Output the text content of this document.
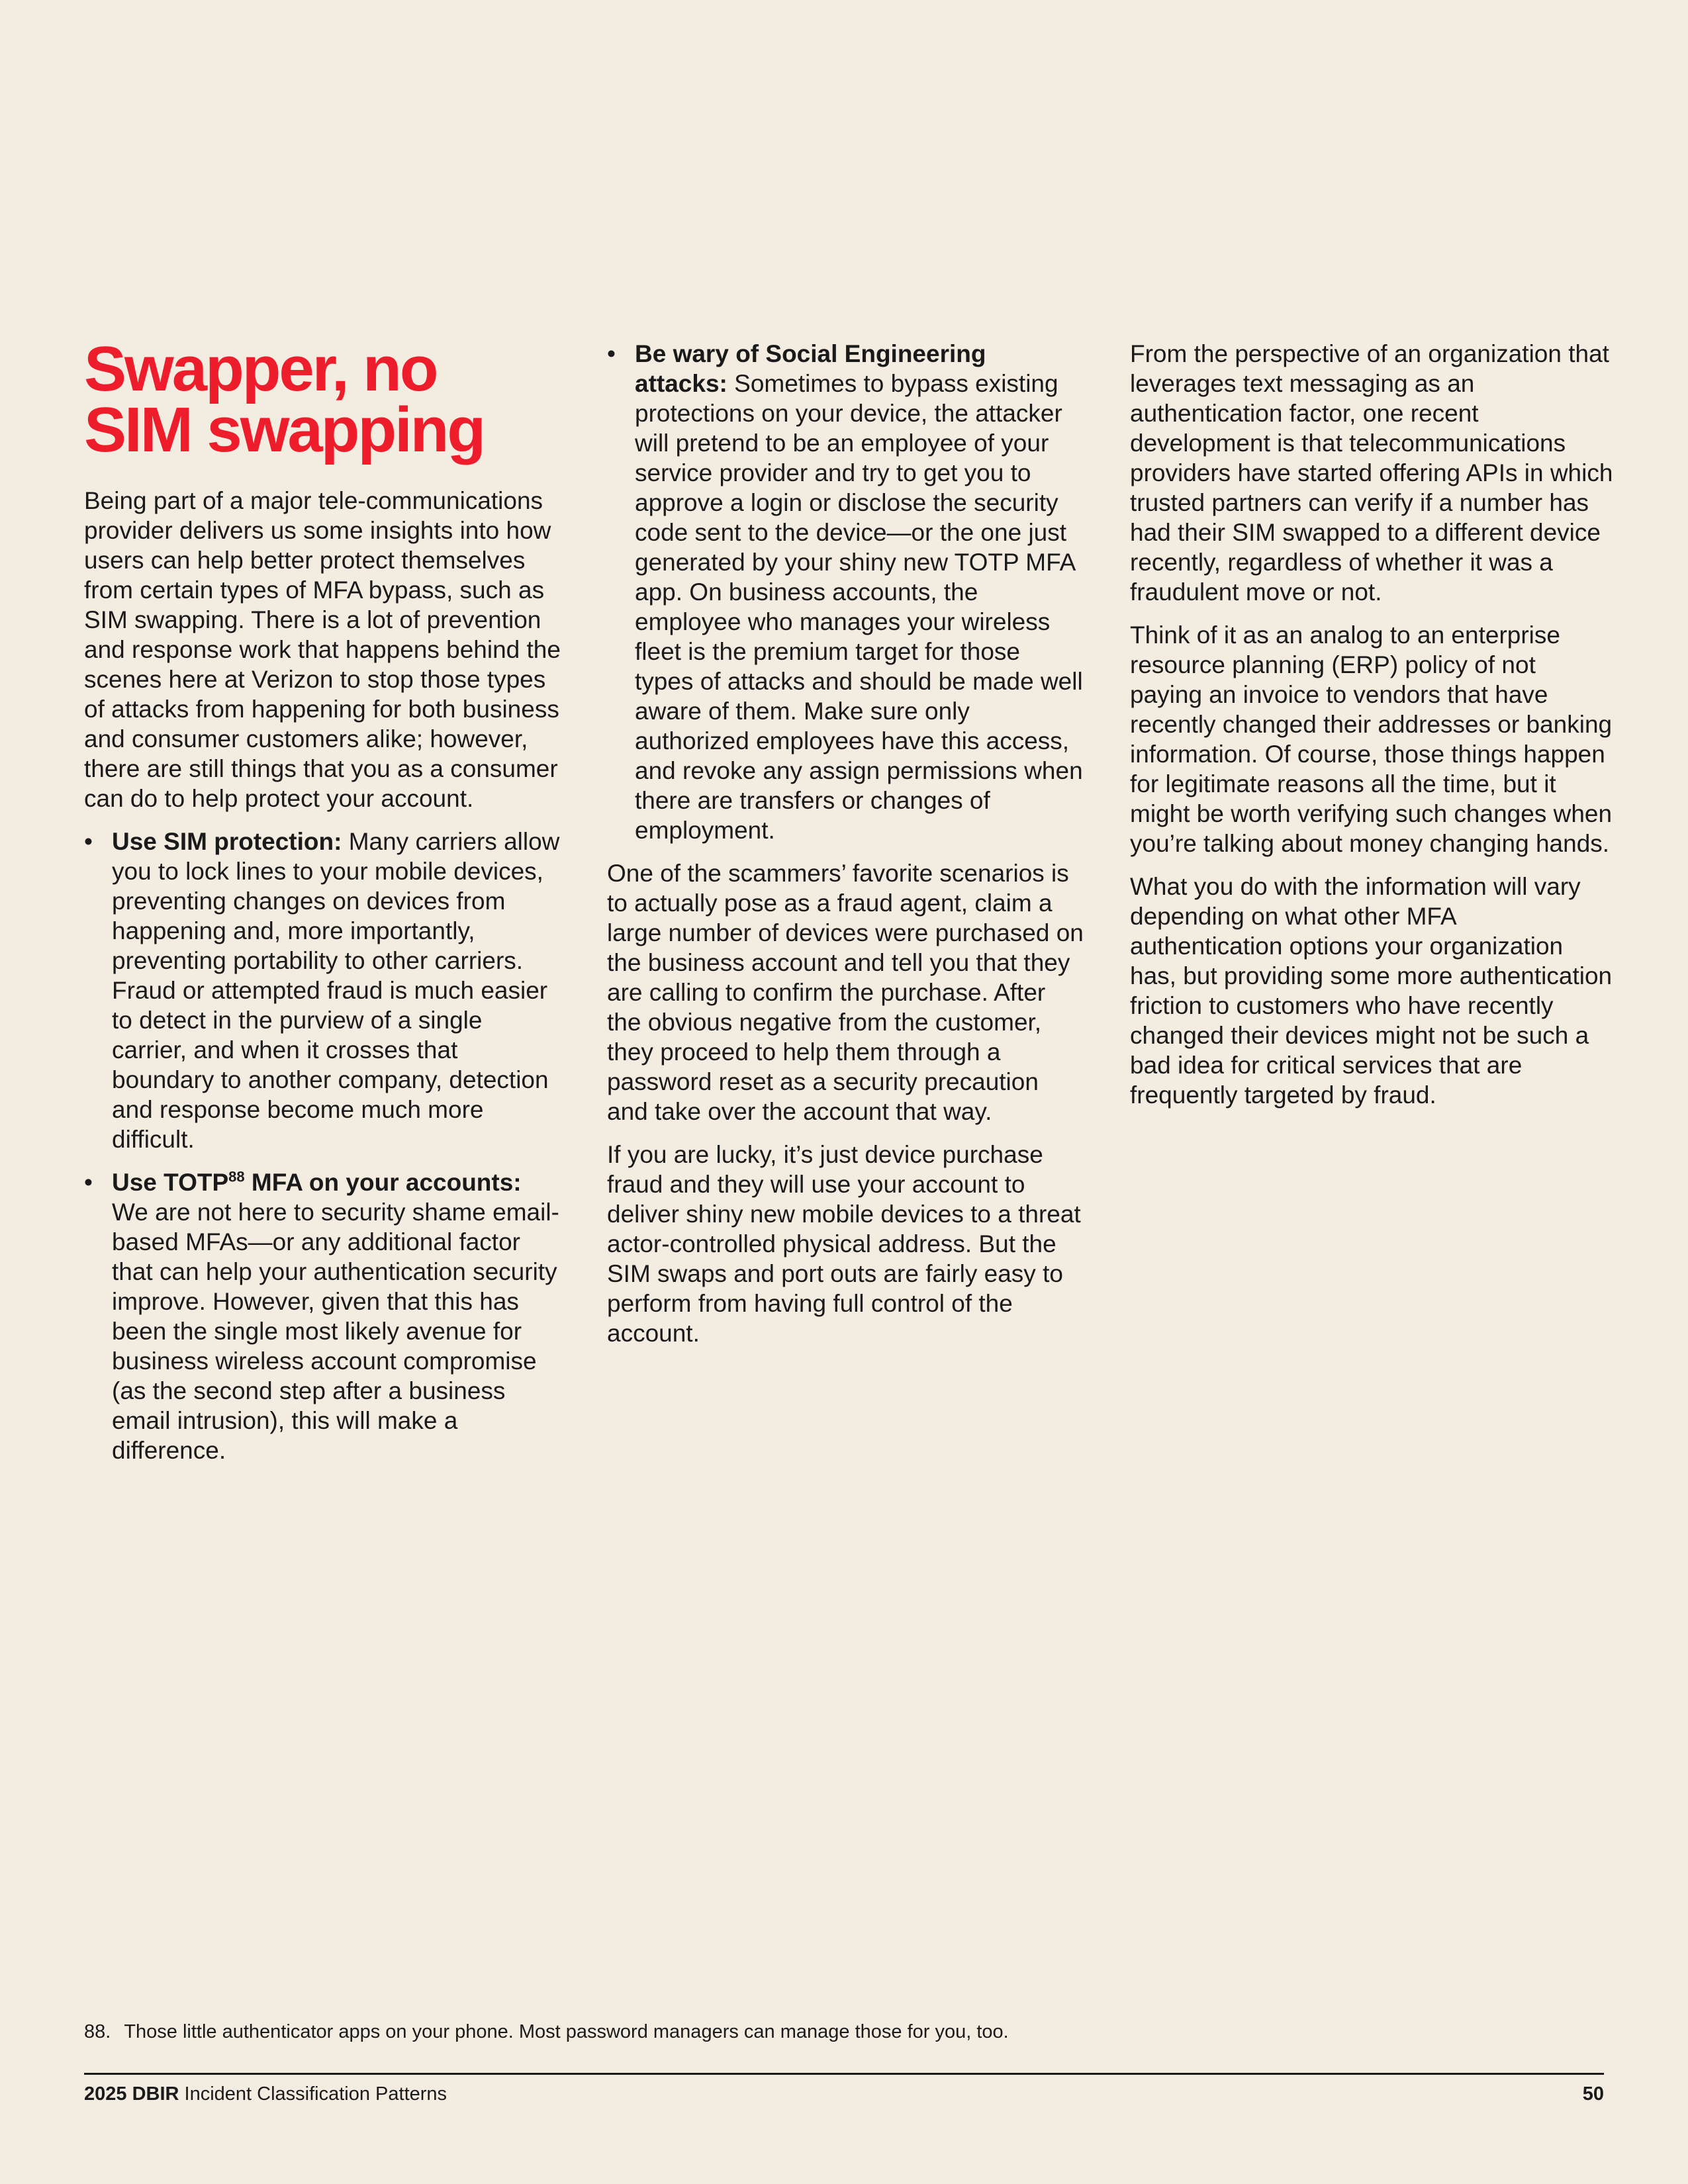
Swapper, no
SIM swapping

Being part of a major tele-communications provider delivers us some insights into how users can help better protect themselves from certain types of MFA bypass, such as SIM swapping. There is a lot of prevention and response work that happens behind the scenes here at Verizon to stop those types of attacks from happening for both business and consumer customers alike; however, there are still things that you as a consumer can do to help protect your account.

• Use SIM protection: Many carriers allow you to lock lines to your mobile devices, preventing changes on devices from happening and, more importantly, preventing portability to other carriers. Fraud or attempted fraud is much easier to detect in the purview of a single carrier, and when it crosses that boundary to another company, detection and response become much more difficult.
• Use TOTP$^{88}$ MFA on your accounts: We are not here to security shame email-based MFAs—or any additional factor that can help your authentication security improve. However, given that this has been the single most likely avenue for business wireless account compromise (as the second step after a business email intrusion), this will make a difference.
• Be wary of Social Engineering attacks: Sometimes to bypass existing protections on your device, the attacker will pretend to be an employee of your service provider and try to get you to approve a login or disclose the security code sent to the device—or the one just generated by your shiny new TOTP MFA app. On business accounts, the employee who manages your wireless fleet is the premium target for those types of attacks and should be made well aware of them. Make sure only authorized employees have this access, and revoke any assign permissions when there are transfers or changes of employment.

One of the scammers’ favorite scenarios is to actually pose as a fraud agent, claim a large number of devices were purchased on the business account and tell you that they are calling to confirm the purchase. After the obvious negative from the customer, they proceed to help them through a password reset as a security precaution and take over the account that way.

If you are lucky, it’s just device purchase fraud and they will use your account to deliver shiny new mobile devices to a threat actor-controlled physical address. But the SIM swaps and port outs are fairly easy to perform from having full control of the account.

From the perspective of an organization that leverages text messaging as an authentication factor, one recent development is that telecommunications providers have started offering APIs in which trusted partners can verify if a number has had their SIM swapped to a different device recently, regardless of whether it was a fraudulent move or not.

Think of it as an analog to an enterprise resource planning (ERP) policy of not paying an invoice to vendors that have recently changed their addresses or banking information. Of course, those things happen for legitimate reasons all the time, but it might be worth verifying such changes when you’re talking about money changing hands.

What you do with the information will vary depending on what other MFA authentication options your organization has, but providing some more authentication friction to customers who have recently changed their devices might not be such a bad idea for critical services that are frequently targeted by fraud.

88. Those little authenticator apps on your phone. Most password managers can manage those for you, too.
2025 DBIR Incident Classification Patterns	50
